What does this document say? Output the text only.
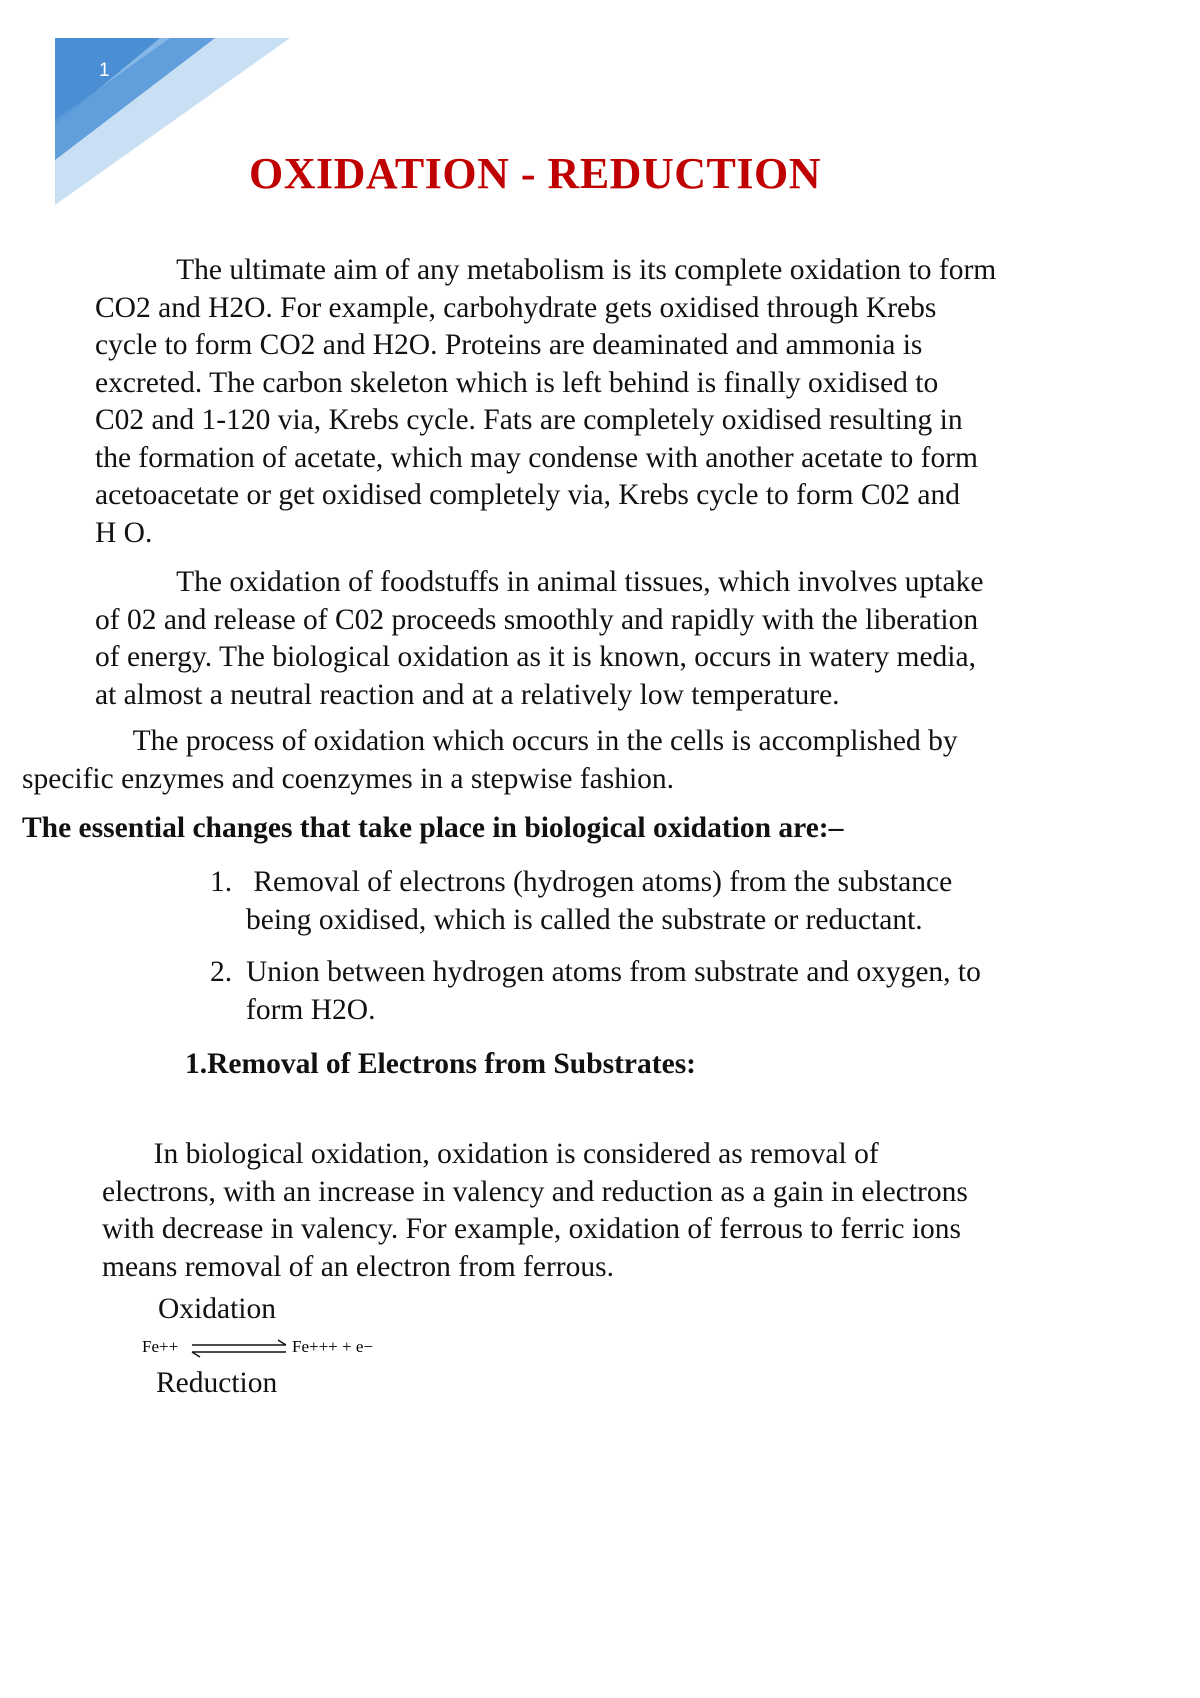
1
OXIDATION - REDUCTION

The ultimate aim of any metabolism is its complete oxidation to form
CO2 and H2O. For example, carbohydrate gets oxidised through Krebs
cycle to form CO2 and H2O. Proteins are deaminated and ammonia is
excreted. The carbon skeleton which is left behind is finally oxidised to
C02 and 1-120 via, Krebs cycle. Fats are completely oxidised resulting in
the formation of acetate, which may condense with another acetate to form
acetoacetate or get oxidised completely via, Krebs cycle to form C02 and
H O.

The oxidation of foodstuffs in animal tissues, which involves uptake
of 02 and release of C02 proceeds smoothly and rapidly with the liberation
of energy. The biological oxidation as it is known, occurs in watery media,
at almost a neutral reaction and at a relatively low temperature.

The process of oxidation which occurs in the cells is accomplished by
specific enzymes and coenzymes in a stepwise fashion.

The essential changes that take place in biological oxidation are:–
1. Removal of electrons (hydrogen atoms) from the substance
being oxidised, which is called the substrate or reductant.
2. Union between hydrogen atoms from substrate and oxygen, to
form H2O.
1.Removal of Electrons from Substrates:

In biological oxidation, oxidation is considered as removal of
electrons, with an increase in valency and reduction as a gain in electrons
with decrease in valency. For example, oxidation of ferrous to ferric ions
means removal of an electron from ferrous.

Oxidation
Fe++	Fe+++ + e−
Reduction
